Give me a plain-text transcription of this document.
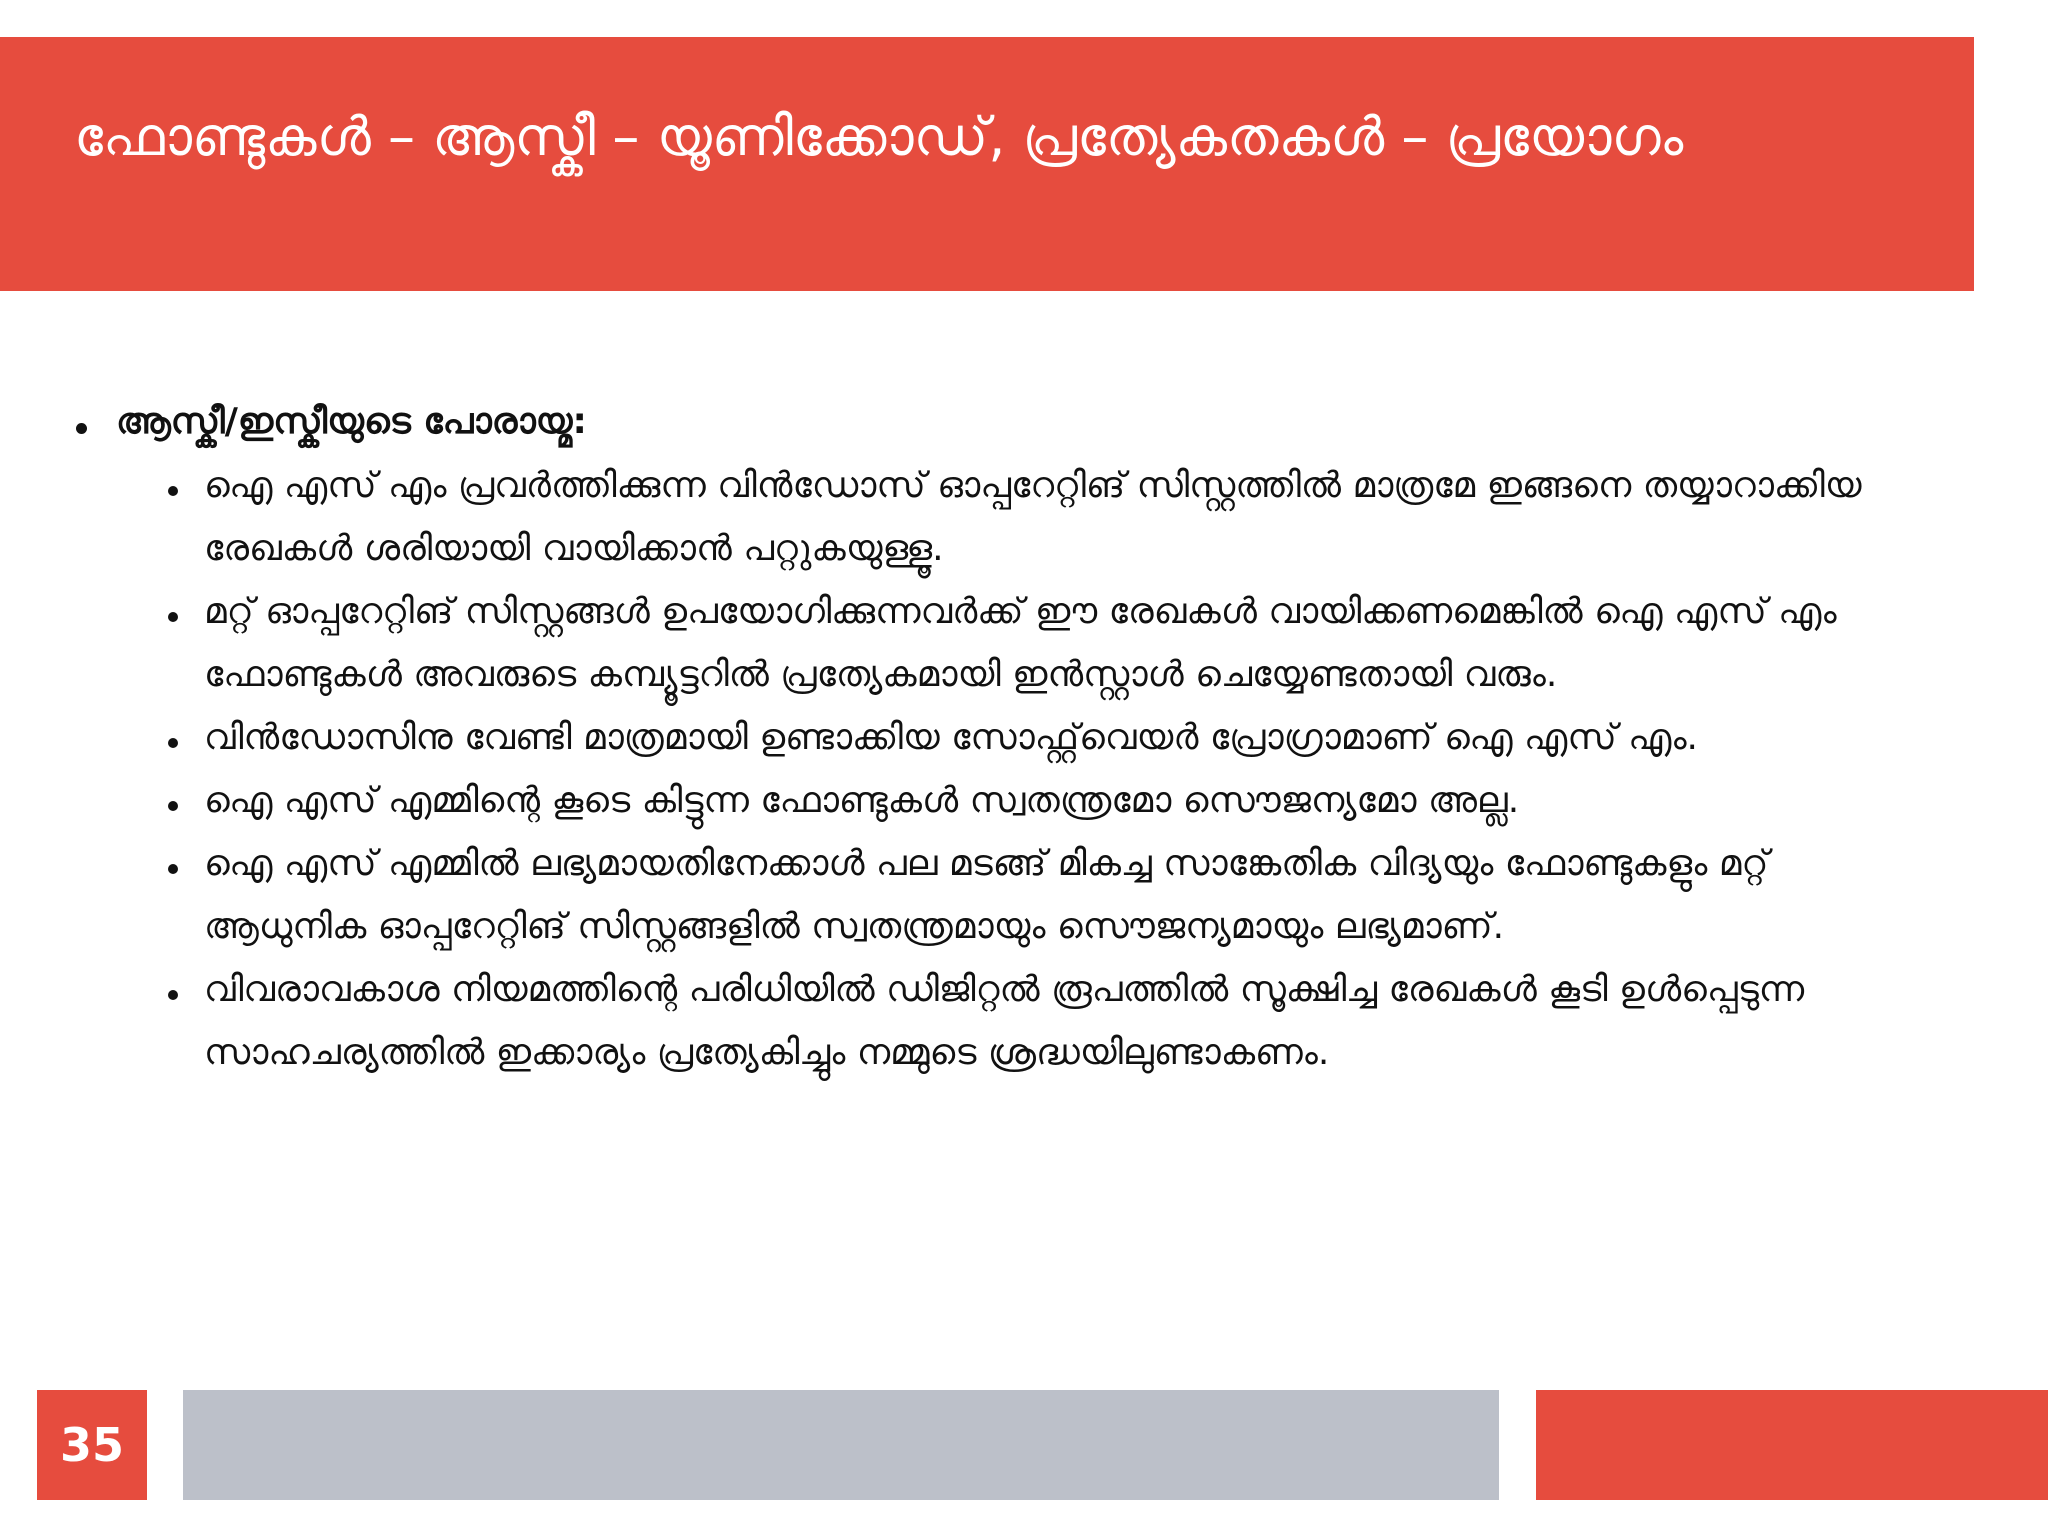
ഫോണ്ടുകൾ – ആസ്കീ – യൂണിക്കോഡ്, പ്രത്യേകതകൾ – പ്രയോഗം
ആസ്കീ/ഇസ്കീയുടെ പോരായ്മ:
ഐ എസ് എം പ്രവർത്തിക്കുന്ന വിൻഡോസ് ഓപ്പറേറ്റിങ് സിസ്റ്റത്തിൽ മാത്രമേ ഇങ്ങനെ തയ്യാറാക്കിയ രേഖകൾ ശരിയായി വായിക്കാൻ പറ്റുകയുള്ളൂ.
മറ്റ് ഓപ്പറേറ്റിങ് സിസ്റ്റങ്ങൾ ഉപയോഗിക്കുന്നവർക്ക് ഈ രേഖകൾ വായിക്കണമെങ്കിൽ ഐ എസ് എം ഫോണ്ടുകൾ അവരുടെ കമ്പ്യൂട്ടറിൽ പ്രത്യേകമായി ഇൻസ്റ്റാൾ ചെയ്യേണ്ടതായി വരും.
വിൻഡോസിനു വേണ്ടി മാത്രമായി ഉണ്ടാക്കിയ സോഫ്റ്റ്‌വെയർ പ്രോഗ്രാമാണ് ഐ എസ് എം.
ഐ എസ് എമ്മിന്റെ കൂടെ കിട്ടുന്ന ഫോണ്ടുകൾ സ്വതന്ത്രമോ സൌജന്യമോ അല്ല.
ഐ എസ് എമ്മിൽ ലഭ്യമായതിനേക്കാൾ പല മടങ്ങ് മികച്ച സാങ്കേതിക വിദ്യയും ഫോണ്ടുകളും മറ്റ് ആധുനിക ഓപ്പറേറ്റിങ് സിസ്റ്റങ്ങളിൽ സ്വതന്ത്രമായും സൌജന്യമായും ലഭ്യമാണ്.
വിവരാവകാശ നിയമത്തിന്റെ പരിധിയിൽ ഡിജിറ്റൽ രൂപത്തിൽ സൂക്ഷിച്ച രേഖകൾ കൂടി ഉൾപ്പെടുന്ന സാഹചര്യത്തിൽ ഇക്കാര്യം പ്രത്യേകിച്ചും നമ്മുടെ ശ്രദ്ധയിലുണ്ടാകണം.
35
